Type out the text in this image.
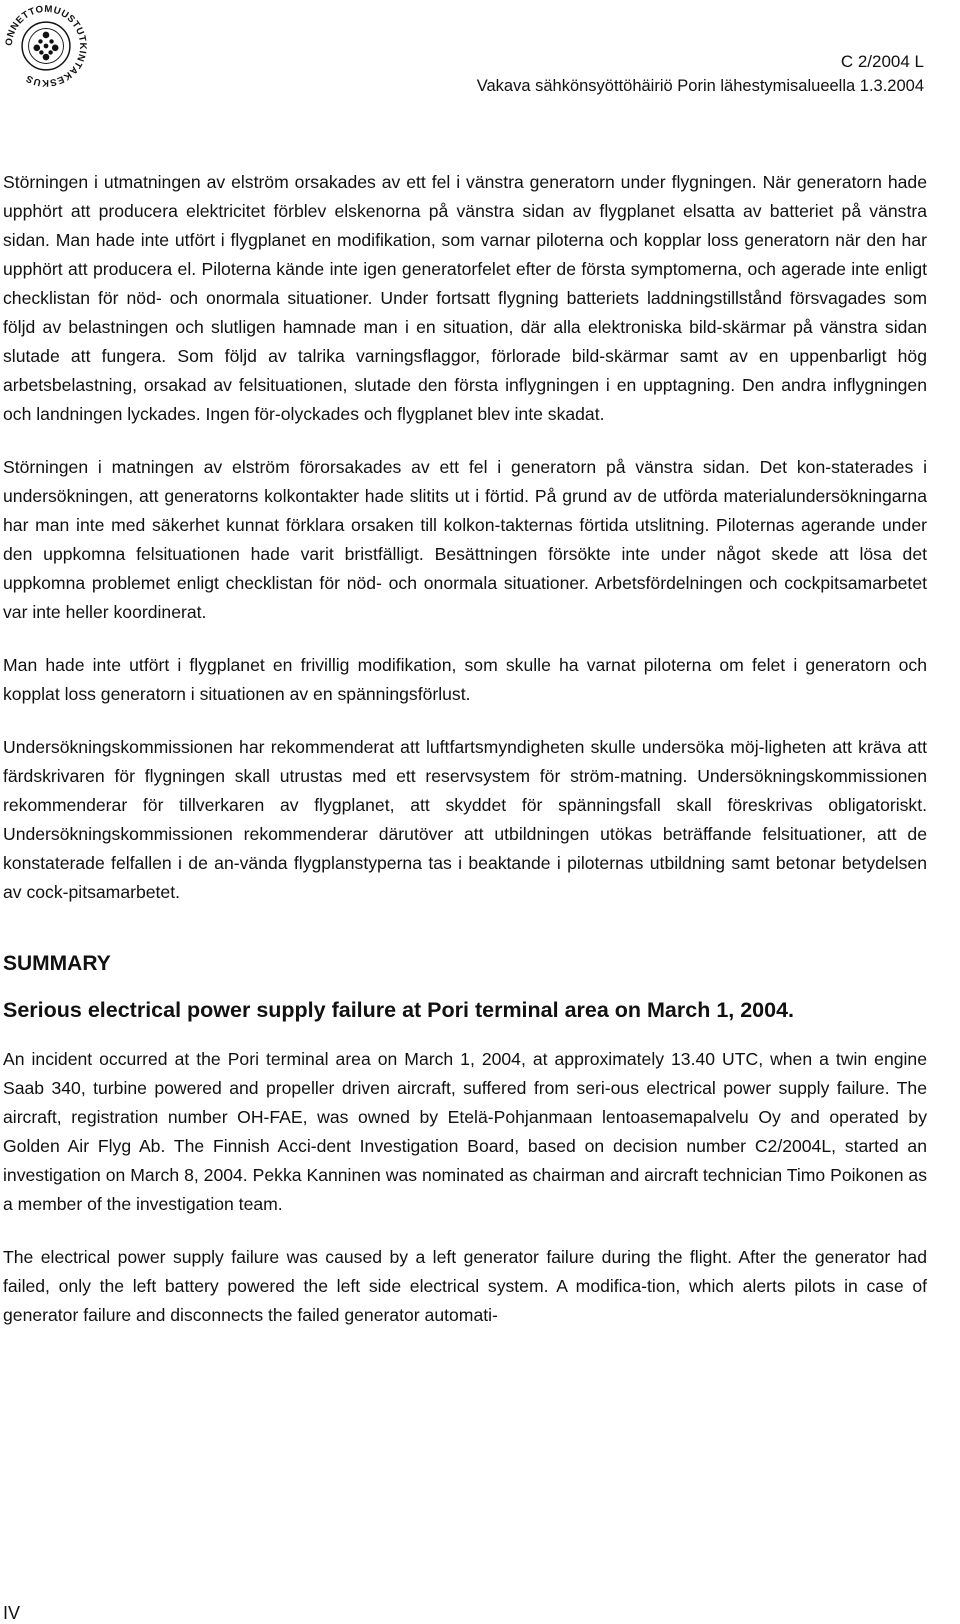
ONNETTOMUUSTUTKINTAKESKUS
C 2/2004 L
Vakava sähkönsyöttöhäiriö Porin lähestymisalueella 1.3.2004

Störningen i utmatningen av elström orsakades av ett fel i vänstra generatorn under flygningen. När generatorn hade upphört att producera elektricitet förblev elskenorna på vänstra sidan av flygplanet elsatta av batteriet på vänstra sidan. Man hade inte utfört i flygplanet en modifikation, som varnar piloterna och kopplar loss generatorn när den har upphört att producera el. Piloterna kände inte igen generatorfelet efter de första symptomerna, och agerade inte enligt checklistan för nöd- och onormala situationer. Under fortsatt flygning batteriets laddningstillstånd försvagades som följd av belastningen och slutligen hamnade man i en situation, där alla elektroniska bild-skärmar på vänstra sidan slutade att fungera. Som följd av talrika varningsflaggor, förlorade bild-skärmar samt av en uppenbarligt hög arbetsbelastning, orsakad av felsituationen, slutade den första inflygningen i en upptagning. Den andra inflygningen och landningen lyckades. Ingen för-olyckades och flygplanet blev inte skadat.

Störningen i matningen av elström förorsakades av ett fel i generatorn på vänstra sidan. Det kon-staterades i undersökningen, att generatorns kolkontakter hade slitits ut i förtid. På grund av de utförda materialundersökningarna har man inte med säkerhet kunnat förklara orsaken till kolkon-takternas förtida utslitning. Piloternas agerande under den uppkomna felsituationen hade varit bristfälligt. Besättningen försökte inte under något skede att lösa det uppkomna problemet enligt checklistan för nöd- och onormala situationer. Arbetsfördelningen och cockpitsamarbetet var inte heller koordinerat.

Man hade inte utfört i flygplanet en frivillig modifikation, som skulle ha varnat piloterna om felet i generatorn och kopplat loss generatorn i situationen av en spänningsförlust.

Undersökningskommissionen har rekommenderat att luftfartsmyndigheten skulle undersöka möj-ligheten att kräva att färdskrivaren för flygningen skall utrustas med ett reservsystem för ström-matning. Undersökningskommissionen rekommenderar för tillverkaren av flygplanet, att skyddet för spänningsfall skall föreskrivas obligatoriskt. Undersökningskommissionen rekommenderar därutöver att utbildningen utökas beträffande felsituationer, att de konstaterade felfallen i de an-vända flygplanstyperna tas i beaktande i piloternas utbildning samt betonar betydelsen av cock-pitsamarbetet.

SUMMARY
Serious electrical power supply failure at Pori terminal area on March 1, 2004.

An incident occurred at the Pori terminal area on March 1, 2004, at approximately 13.40 UTC, when a twin engine Saab 340, turbine powered and propeller driven aircraft, suffered from seri-ous electrical power supply failure. The aircraft, registration number OH-FAE, was owned by Etelä-Pohjanmaan lentoasemapalvelu Oy and operated by Golden Air Flyg Ab. The Finnish Acci-dent Investigation Board, based on decision number C2/2004L, started an investigation on March 8, 2004. Pekka Kanninen was nominated as chairman and aircraft technician Timo Poikonen as a member of the investigation team.

The electrical power supply failure was caused by a left generator failure during the flight. After the generator had failed, only the left battery powered the left side electrical system. A modifica-tion, which alerts pilots in case of generator failure and disconnects the failed generator automati-

IV
